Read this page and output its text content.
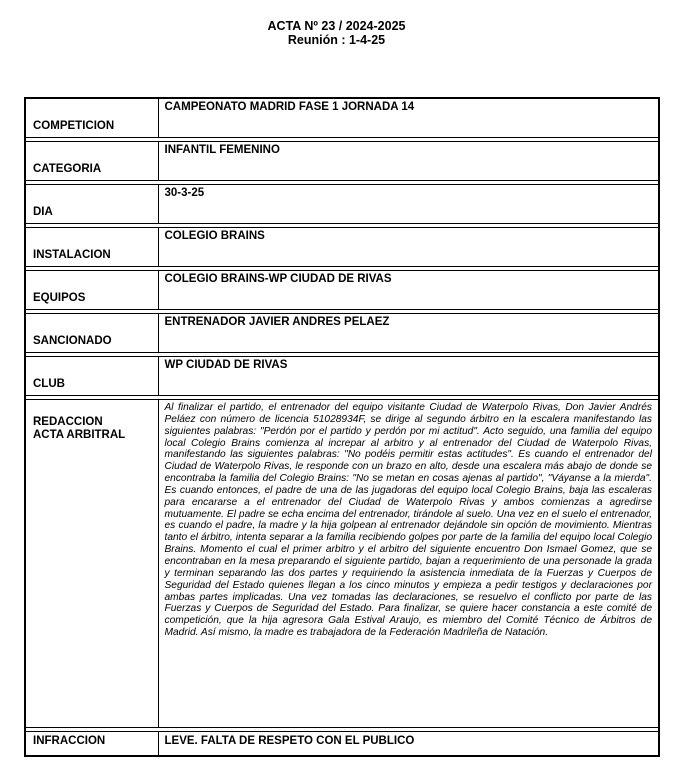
ACTA Nº 23 / 2024-2025
Reunión : 1-4-25
COMPETICION	CAMPEONATO MADRID FASE 1 JORNADA 14

CATEGORIA	INFANTIL FEMENINO

DIA	30-3-25

INSTALACION	COLEGIO BRAINS

EQUIPOS	COLEGIO BRAINS-WP CIUDAD DE RIVAS

SANCIONADO	ENTRENADOR JAVIER ANDRES PELAEZ

CLUB	WP CIUDAD DE RIVAS

REDACCION
ACTA ARBITRAL	Al finalizar el partido, el entrenador del equipo visitante Ciudad de Waterpolo Rivas, Don Javier Andrés Peláez con número de licencia 51028934F, se dirige al segundo árbitro en la escalera manifestando las siguientes palabras: "Perdón por el partido y perdón por mi actitud". Acto seguido, una familia del equipo local Colegio Brains comienza al increpar al arbitro y al entrenador del Ciudad de Waterpolo Rivas, manifestando las siguientes palabras: "No podéis permitir estas actitudes". Es cuando el entrenador del Ciudad de Waterpolo Rivas, le responde con un brazo en alto, desde una escalera más abajo de donde se encontraba la familia del Colegio Brains: "No se metan en cosas ajenas al partido", "Váyanse a la mierda". Es cuando entonces, el padre de una de las jugadoras del equipo local Colegio Brains, baja las escaleras para encararse a el entrenador del Ciudad de Waterpolo Rivas y ambos comienzas a agredirse mutuamente. El padre se echa encima del entrenador, tirándole al suelo. Una vez en el suelo el entrenador, es cuando el padre, la madre y la hija golpean al entrenador dejándole sin opción de movimiento. Mientras tanto el árbitro, intenta separar a la familia recibiendo golpes por parte de la familia del equipo local Colegio Brains. Momento el cual el primer arbitro y el arbitro del siguiente encuentro Don Ismael Gomez, que se encontraban en la mesa preparando el siguiente partido, bajan a requerimiento de una personade la grada y terminan separando las dos partes y requiriendo la asistencia inmediata de la Fuerzas y Cuerpos de Seguridad del Estado quienes llegan a los cinco minutos y empieza a pedir testigos y declaraciones por ambas partes implicadas. Una vez tomadas las declaraciones, se resuelvo el conflicto por parte de las Fuerzas y Cuerpos de Seguridad del Estado. Para finalizar, se quiere hacer constancia a este comité de competición, que la hija agresora Gala Estival Araujo, es miembro del Comité Técnico de Árbitros de Madrid. Así mismo, la madre es trabajadora de la Federación Madrileña de Natación.

INFRACCION	LEVE. FALTA DE RESPETO CON EL PUBLICO
